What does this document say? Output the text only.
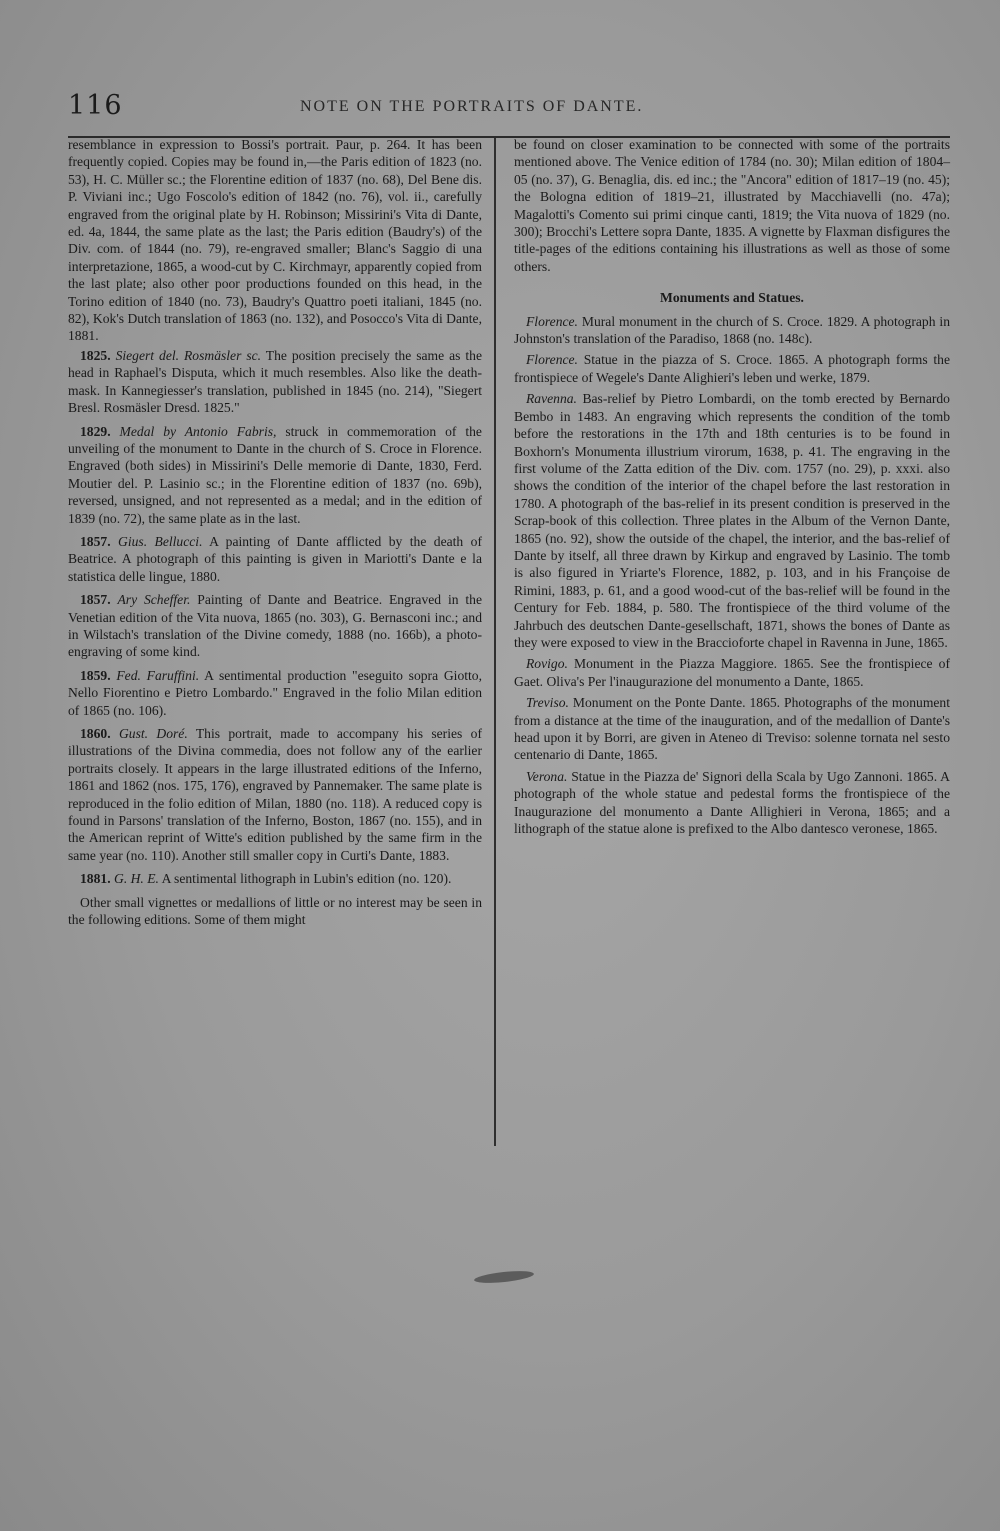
116	NOTE ON THE PORTRAITS OF DANTE.

resemblance in expression to Bossi's portrait. Paur, p. 264. It has been frequently copied. Copies may be found in,—the Paris edition of 1823 (no. 53), H. C. Müller sc.; the Florentine edition of 1837 (no. 68), Del Bene dis. P. Viviani inc.; Ugo Foscolo's edition of 1842 (no. 76), vol. ii., carefully engraved from the original plate by H. Robinson; Missirini's Vita di Dante, ed. 4a, 1844, the same plate as the last; the Paris edition (Baudry's) of the Div. com. of 1844 (no. 79), re-engraved smaller; Blanc's Saggio di una interpretazione, 1865, a wood-cut by C. Kirchmayr, apparently copied from the last plate; also other poor productions founded on this head, in the Torino edition of 1840 (no. 73), Baudry's Quattro poeti italiani, 1845 (no. 82), Kok's Dutch translation of 1863 (no. 132), and Posocco's Vita di Dante, 1881.

1825. Siegert del. Rosmäsler sc. The position precisely the same as the head in Raphael's Disputa, which it much resembles. Also like the death-mask. In Kannegiesser's translation, published in 1845 (no. 214), "Siegert Bresl. Rosmäsler Dresd. 1825."

1829. Medal by Antonio Fabris, struck in commemoration of the unveiling of the monument to Dante in the church of S. Croce in Florence. Engraved (both sides) in Missirini's Delle memorie di Dante, 1830, Ferd. Moutier del. P. Lasinio sc.; in the Florentine edition of 1837 (no. 69b), reversed, unsigned, and not represented as a medal; and in the edition of 1839 (no. 72), the same plate as in the last.

1857. Gius. Bellucci. A painting of Dante afflicted by the death of Beatrice. A photograph of this painting is given in Mariotti's Dante e la statistica delle lingue, 1880.

1857. Ary Scheffer. Painting of Dante and Beatrice. Engraved in the Venetian edition of the Vita nuova, 1865 (no. 303), G. Bernasconi inc.; and in Wilstach's translation of the Divine comedy, 1888 (no. 166b), a photo-engraving of some kind.

1859. Fed. Faruffini. A sentimental production "eseguito sopra Giotto, Nello Fiorentino e Pietro Lombardo." Engraved in the folio Milan edition of 1865 (no. 106).

1860. Gust. Doré. This portrait, made to accompany his series of illustrations of the Divina commedia, does not follow any of the earlier portraits closely. It appears in the large illustrated editions of the Inferno, 1861 and 1862 (nos. 175, 176), engraved by Pannemaker. The same plate is reproduced in the folio edition of Milan, 1880 (no. 118). A reduced copy is found in Parsons' translation of the Inferno, Boston, 1867 (no. 155), and in the American reprint of Witte's edition published by the same firm in the same year (no. 110). Another still smaller copy in Curti's Dante, 1883.

1881. G. H. E. A sentimental lithograph in Lubin's edition (no. 120).

Other small vignettes or medallions of little or no interest may be seen in the following editions. Some of them might

be found on closer examination to be connected with some of the portraits mentioned above. The Venice edition of 1784 (no. 30); Milan edition of 1804–05 (no. 37), G. Benaglia, dis. ed inc.; the "Ancora" edition of 1817–19 (no. 45); the Bologna edition of 1819–21, illustrated by Macchiavelli (no. 47a); Magalotti's Comento sui primi cinque canti, 1819; the Vita nuova of 1829 (no. 300); Brocchi's Lettere sopra Dante, 1835. A vignette by Flaxman disfigures the title-pages of the editions containing his illustrations as well as those of some others.

Monuments and Statues.

Florence. Mural monument in the church of S. Croce. 1829. A photograph in Johnston's translation of the Paradiso, 1868 (no. 148c).

Florence. Statue in the piazza of S. Croce. 1865. A photograph forms the frontispiece of Wegele's Dante Alighieri's leben und werke, 1879.

Ravenna. Bas-relief by Pietro Lombardi, on the tomb erected by Bernardo Bembo in 1483. An engraving which represents the condition of the tomb before the restorations in the 17th and 18th centuries is to be found in Boxhorn's Monumenta illustrium virorum, 1638, p. 41. The engraving in the first volume of the Zatta edition of the Div. com. 1757 (no. 29), p. xxxi. also shows the condition of the interior of the chapel before the last restoration in 1780. A photograph of the bas-relief in its present condition is preserved in the Scrap-book of this collection. Three plates in the Album of the Vernon Dante, 1865 (no. 92), show the outside of the chapel, the interior, and the bas-relief of Dante by itself, all three drawn by Kirkup and engraved by Lasinio. The tomb is also figured in Yriarte's Florence, 1882, p. 103, and in his Françoise de Rimini, 1883, p. 61, and a good wood-cut of the bas-relief will be found in the Century for Feb. 1884, p. 580. The frontispiece of the third volume of the Jahrbuch des deutschen Dante-gesellschaft, 1871, shows the bones of Dante as they were exposed to view in the Braccioforte chapel in Ravenna in June, 1865.

Rovigo. Monument in the Piazza Maggiore. 1865. See the frontispiece of Gaet. Oliva's Per l'inaugurazione del monumento a Dante, 1865.

Treviso. Monument on the Ponte Dante. 1865. Photographs of the monument from a distance at the time of the inauguration, and of the medallion of Dante's head upon it by Borri, are given in Ateneo di Treviso: solenne tornata nel sesto centenario di Dante, 1865.

Verona. Statue in the Piazza de' Signori della Scala by Ugo Zannoni. 1865. A photograph of the whole statue and pedestal forms the frontispiece of the Inaugurazione del monumento a Dante Allighieri in Verona, 1865; and a lithograph of the statue alone is prefixed to the Albo dantesco veronese, 1865.
